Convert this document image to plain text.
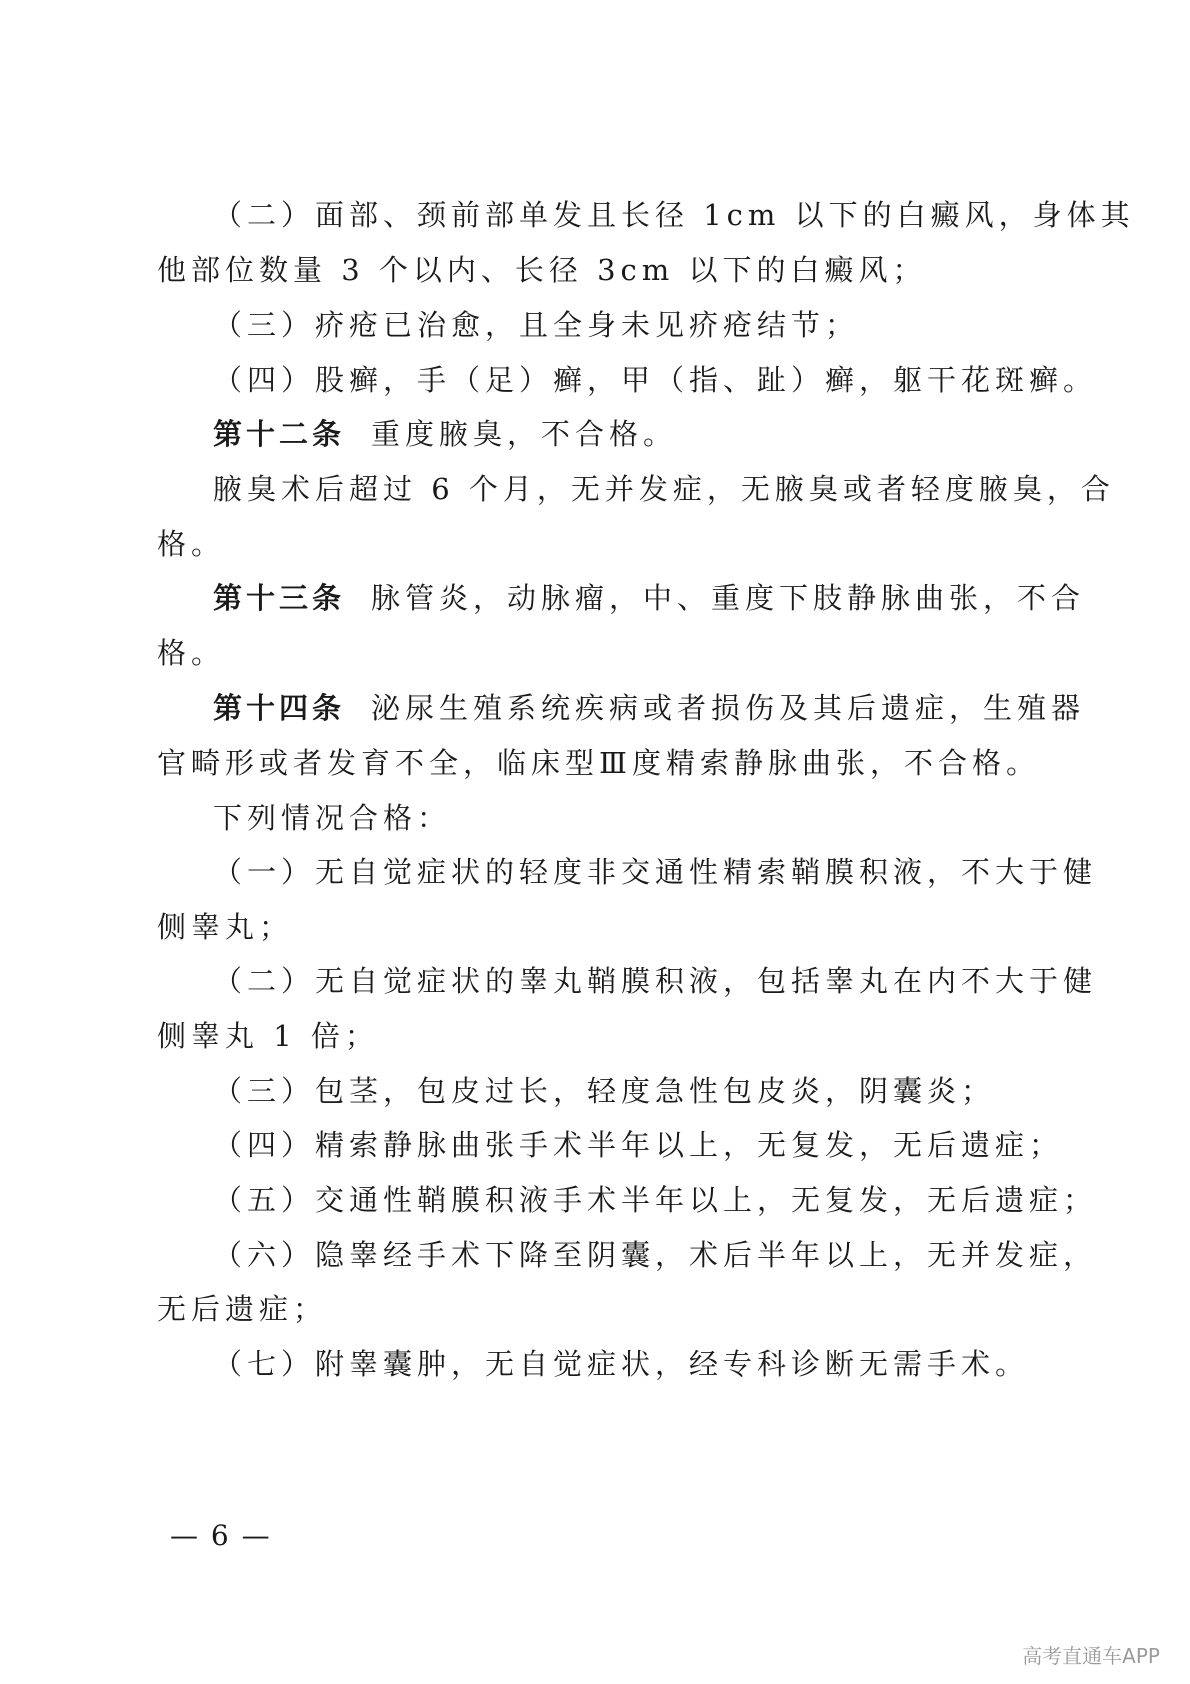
（二）面部、颈前部单发且长径 1cm 以下的白癜风，身体其
他部位数量 3 个以内、长径 3cm 以下的白癜风；
（三）疥疮已治愈，且全身未见疥疮结节；
（四）股癣，手（足）癣，甲（指、趾）癣，躯干花斑癣。
第十二条 重度腋臭，不合格。
腋臭术后超过 6 个月，无并发症，无腋臭或者轻度腋臭，合
格。
第十三条 脉管炎，动脉瘤，中、重度下肢静脉曲张，不合
格。
第十四条 泌尿生殖系统疾病或者损伤及其后遗症，生殖器
官畸形或者发育不全，临床型Ⅲ度精索静脉曲张，不合格。
下列情况合格：
（一）无自觉症状的轻度非交通性精索鞘膜积液，不大于健
侧睾丸；
（二）无自觉症状的睾丸鞘膜积液，包括睾丸在内不大于健
侧睾丸 1 倍；
（三）包茎，包皮过长，轻度急性包皮炎，阴囊炎；
（四）精索静脉曲张手术半年以上，无复发，无后遗症；
（五）交通性鞘膜积液手术半年以上，无复发，无后遗症；
（六）隐睾经手术下降至阴囊，术后半年以上，无并发症，
无后遗症；
（七）附睾囊肿，无自觉症状，经专科诊断无需手术。
— 6 —
高考直通车APP
